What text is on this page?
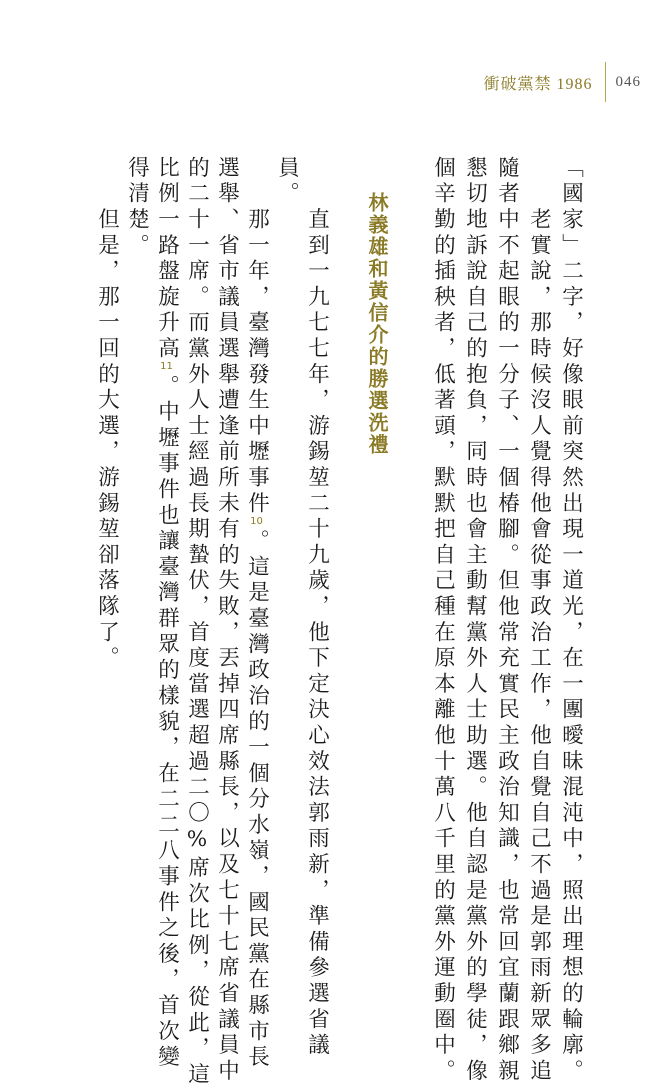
衝破黨禁 1986 046
「國家」二字，好像眼前突然出現一道光，在一團曖昧混沌中，照出理想的輪廓。
　　老實說，那時候沒人覺得他會從事政治工作，他自覺自己不過是郭雨新眾多追
隨者中不起眼的一分子、一個椿腳。但他常充實民主政治知識，也常回宜蘭跟鄉親
懇切地訴說自己的抱負，同時也會主動幫黨外人士助選。他自認是黨外的學徒，像
個辛勤的插秧者，低著頭，默默把自己種在原本離他十萬八千里的黨外運動圈中。
林義雄和黃信介的勝選洗禮
　　直到一九七七年，游錫堃二十九歲，他下定決心效法郭雨新，準備參選省議
員。
　　那一年，臺灣發生中壢事件10。這是臺灣政治的一個分水嶺，國民黨在縣市長
選舉、省市議員選舉遭逢前所未有的失敗，丟掉四席縣長，以及七十七席省議員中
的二十一席。而黨外人士經過長期蟄伏，首度當選超過二〇%席次比例，從此，這
比例一路盤旋升高11。中壢事件也讓臺灣群眾的樣貌，在二二八事件之後，首次變
得清楚。
　　但是，那一回的大選，游錫堃卻落隊了。
